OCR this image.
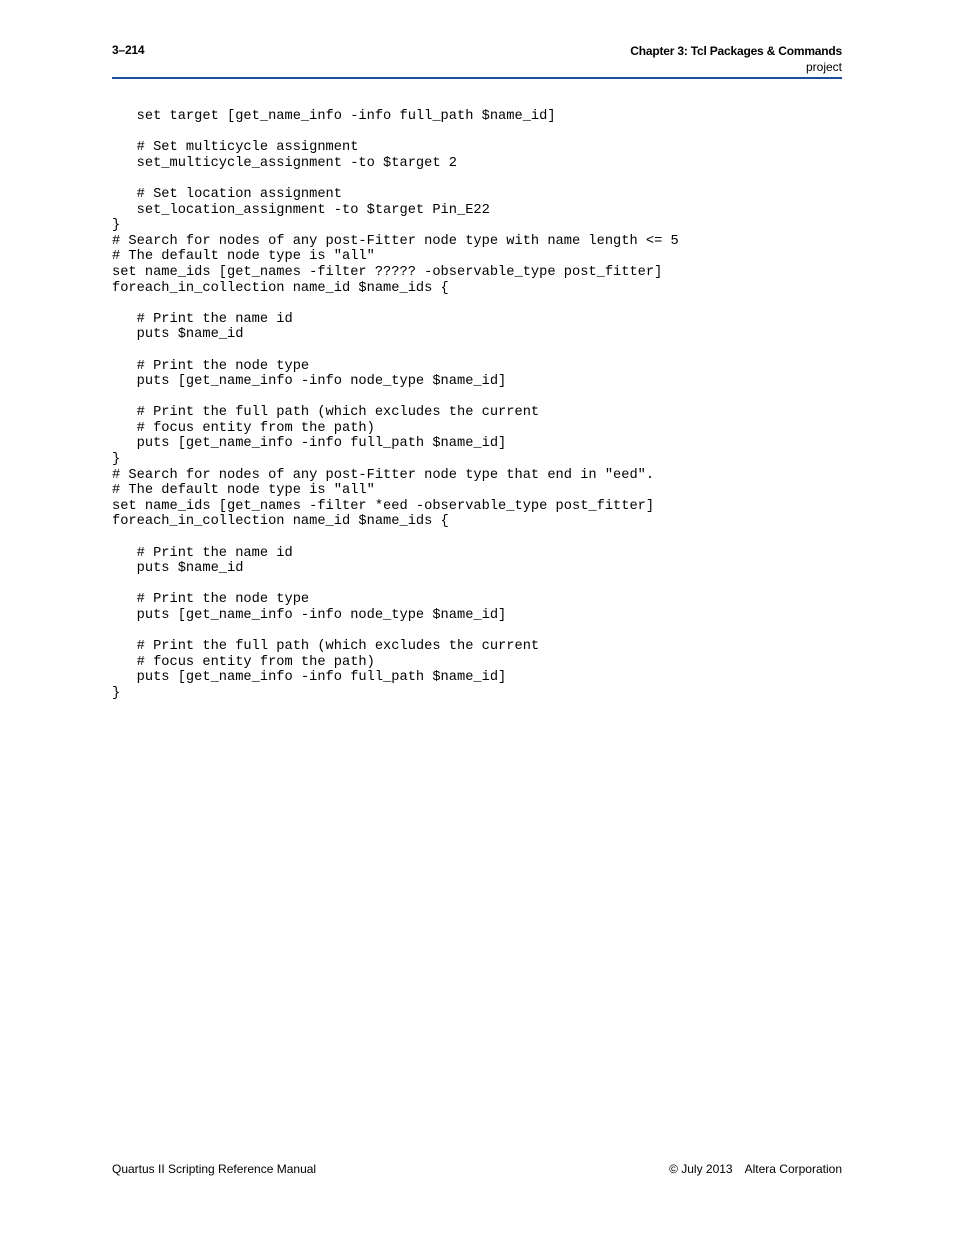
3–214	Chapter 3: Tcl Packages & Commands
project
set target [get_name_info -info full_path $name_id]

# Set multicycle assignment
set_multicycle_assignment -to $target 2

# Set location assignment
set_location_assignment -to $target Pin_E22
}
# Search for nodes of any post-Fitter node type with name length <= 5
# The default node type is "all"
set name_ids [get_names -filter ????? -observable_type post_fitter]
foreach_in_collection name_id $name_ids {

# Print the name id
puts $name_id

# Print the node type
puts [get_name_info -info node_type $name_id]

# Print the full path (which excludes the current
# focus entity from the path)
puts [get_name_info -info full_path $name_id]
}
# Search for nodes of any post-Fitter node type that end in "eed".
# The default node type is "all"
set name_ids [get_names -filter *eed -observable_type post_fitter]
foreach_in_collection name_id $name_ids {

# Print the name id
puts $name_id

# Print the node type
puts [get_name_info -info node_type $name_id]

# Print the full path (which excludes the current
# focus entity from the path)
puts [get_name_info -info full_path $name_id]
}
Quartus II Scripting Reference Manual	© July 2013 Altera Corporation
